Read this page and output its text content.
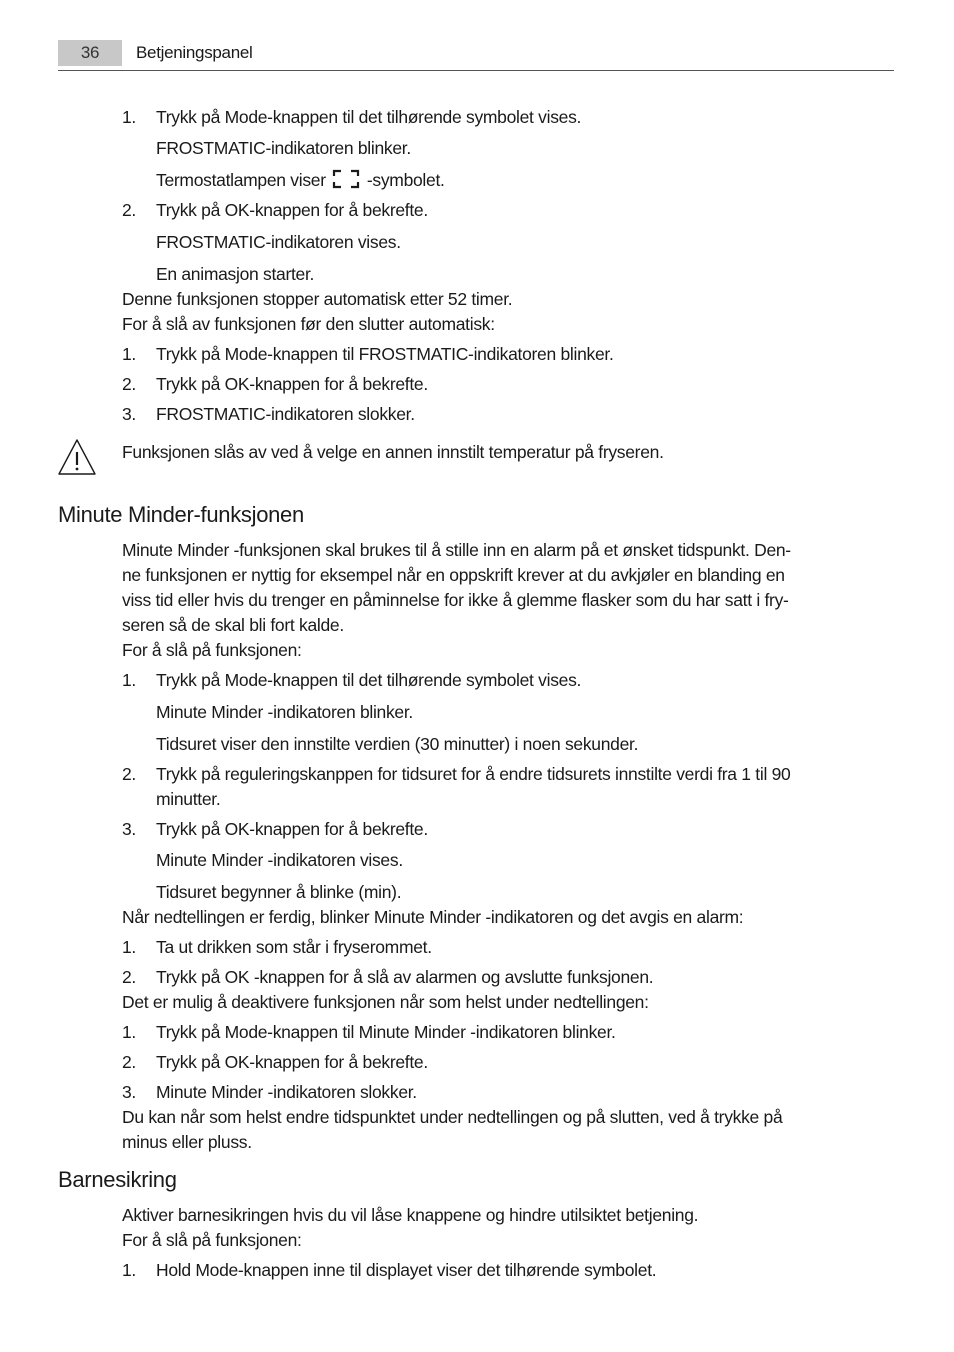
36	Betjeningspanel
1. Trykk på Mode-knappen til det tilhørende symbolet vises.
FROSTMATIC-indikatoren blinker.
Termostatlampen viser -symbolet.
2. Trykk på OK-knappen for å bekrefte.
FROSTMATIC-indikatoren vises.
En animasjon starter.
Denne funksjonen stopper automatisk etter 52 timer.
For å slå av funksjonen før den slutter automatisk:
1. Trykk på Mode-knappen til FROSTMATIC-indikatoren blinker.
2. Trykk på OK-knappen for å bekrefte.
3. FROSTMATIC-indikatoren slokker.
Funksjonen slås av ved å velge en annen innstilt temperatur på fryseren.
Minute Minder-funksjonen
Minute Minder -funksjonen skal brukes til å stille inn en alarm på et ønsket tidspunkt. Den-
ne funksjonen er nyttig for eksempel når en oppskrift krever at du avkjøler en blanding en
viss tid eller hvis du trenger en påminnelse for ikke å glemme flasker som du har satt i fry-
seren så de skal bli fort kalde.
For å slå på funksjonen:
1. Trykk på Mode-knappen til det tilhørende symbolet vises.
Minute Minder -indikatoren blinker.
Tidsuret viser den innstilte verdien (30 minutter) i noen sekunder.
2. Trykk på reguleringskanppen for tidsuret for å endre tidsurets innstilte verdi fra 1 til 90
minutter.
3. Trykk på OK-knappen for å bekrefte.
Minute Minder -indikatoren vises.
Tidsuret begynner å blinke (min).
Når nedtellingen er ferdig, blinker Minute Minder -indikatoren og det avgis en alarm:
1. Ta ut drikken som står i fryserommet.
2. Trykk på OK -knappen for å slå av alarmen og avslutte funksjonen.
Det er mulig å deaktivere funksjonen når som helst under nedtellingen:
1. Trykk på Mode-knappen til Minute Minder -indikatoren blinker.
2. Trykk på OK-knappen for å bekrefte.
3. Minute Minder -indikatoren slokker.
Du kan når som helst endre tidspunktet under nedtellingen og på slutten, ved å trykke på
minus eller pluss.
Barnesikring
Aktiver barnesikringen hvis du vil låse knappene og hindre utilsiktet betjening.
For å slå på funksjonen:
1. Hold Mode-knappen inne til displayet viser det tilhørende symbolet.
